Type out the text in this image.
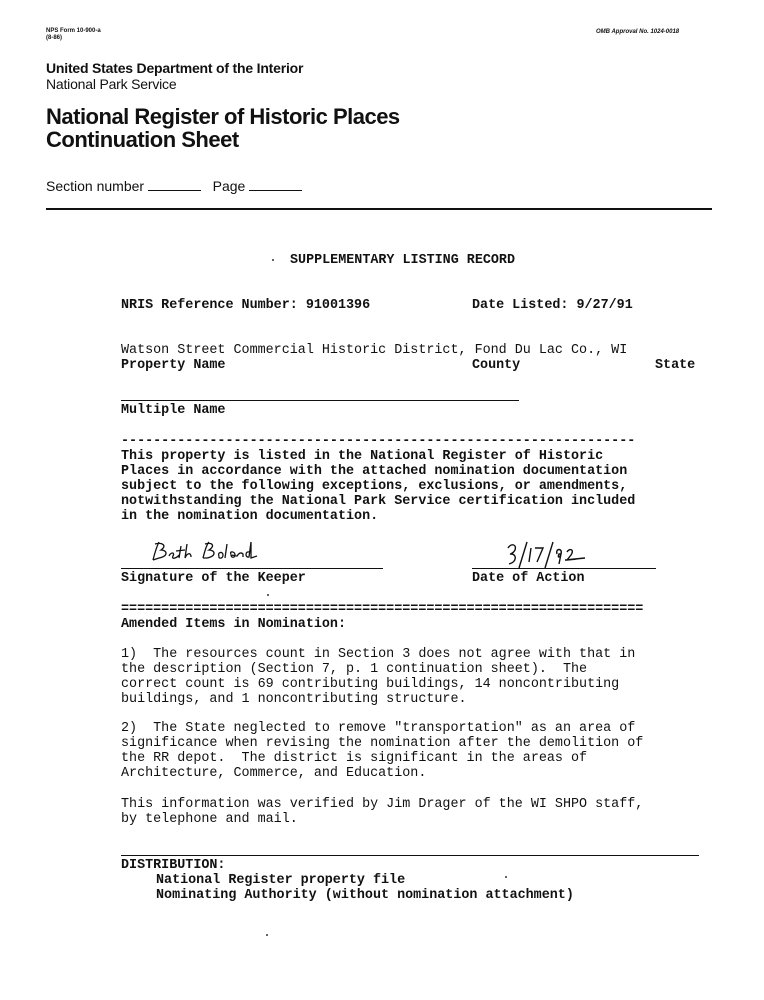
NPS Form 10-900-a
(8-86)
OMB Approval No. 1024-0018
United States Department of the Interior
National Park Service
National Register of Historic Places
Continuation Sheet
Section number	Page
SUPPLEMENTARY LISTING RECORD
NRIS Reference Number: 91001396	Date Listed: 9/27/91
Watson Street Commercial Historic District, Fond Du Lac Co., WI
Property Name	County	State
Multiple Name
----------------------------------------------------------------
This property is listed in the National Register of Historic
Places in accordance with the attached nomination documentation
subject to the following exceptions, exclusions, or amendments,
notwithstanding the National Park Service certification included
in the nomination documentation.
Signature of the Keeper	Date of Action
=================================================================
Amended Items in Nomination:
1)  The resources count in Section 3 does not agree with that in
the description (Section 7, p. 1 continuation sheet).  The
correct count is 69 contributing buildings, 14 noncontributing
buildings, and 1 noncontributing structure.
2)  The State neglected to remove "transportation" as an area of
significance when revising the nomination after the demolition of
the RR depot.  The district is significant in the areas of
Architecture, Commerce, and Education.
This information was verified by Jim Drager of the WI SHPO staff,
by telephone and mail.
DISTRIBUTION:
National Register property file
Nominating Authority (without nomination attachment)
